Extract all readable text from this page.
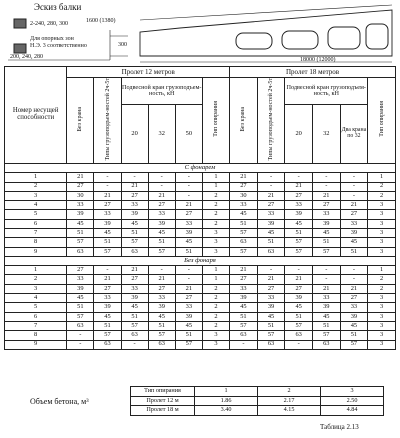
Эскиз балки
2-240, 280, 300	1600 (1380)
Для опорных зон
Н.Э. 3 соответственно	300
200, 240, 280	18000 (12000)
Номер несущей способности	Пролет 12 метров						Пролет 18 метров					
	Без крана	Типы грузоподъем-ностей 2ч-5т	Подвесной кран грузоподъем-ность, кН			Тип опирания	Без крана	Типы грузоподъем-ностей 2ч-5т	Подвесной кран грузоподъем-ность, кН			Тип опирания
			20	32	50				20	32	Два крана по 32	
С фонарем												
1	21	-	-	-	-	1	21	-	-	-	-	1
2	27	-	21	-	-	1	27	-	21	-	-	2
3	30	21	27	21	-	2	30	21	27	21	-	2
4	33	27	33	27	21	2	33	27	33	27	21	3
5	39	33	39	33	27	2	45	33	39	33	27	3
6	45	39	45	39	33	2	51	39	45	39	33	3
7	51	45	51	45	39	3	57	45	51	45	39	3
8	57	51	57	51	45	3	63	51	57	51	45	3
9	63	57	63	57	51	3	57	63	57	57	51	3
Без фонаря												
1	27	-	21	-	-	1	21	-	-	-	-	1
2	33	21	27	21	-	1	27	21	21	-	-	2
3	39	27	33	27	21	2	33	27	27	21	21	2
4	45	33	39	33	27	2	39	33	39	33	27	3
5	51	39	45	39	33	2	45	39	45	39	33	3
6	57	45	51	45	39	2	51	45	51	45	39	3
7	63	51	57	51	45	2	57	51	57	51	45	3
8	-	57	63	57	51	3	63	57	63	57	51	3
9	-	63	-	63	57	3	-	63	-	63	57	3
Тип опирания	1	2	3
Пролет 12 м	1.86	2.17	2.50
Пролет 18 м	3.40	4.15	4.84
Объем бетона, м³
Таблица 2.13
